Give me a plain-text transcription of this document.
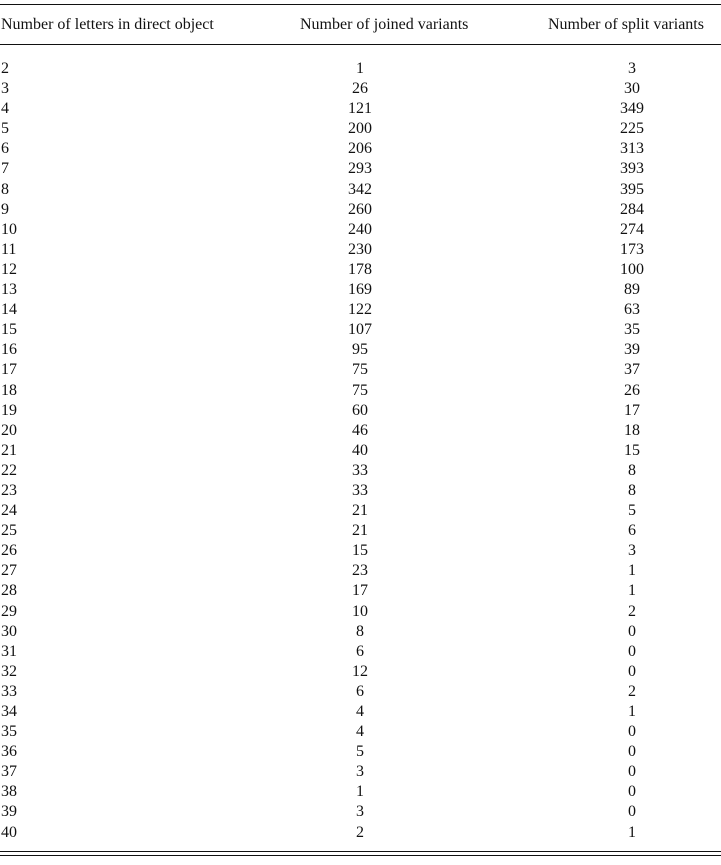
Number of letters in direct object	Number of joined variants	Number of split variants
2	1	3
3	26	30
4	121	349
5	200	225
6	206	313
7	293	393
8	342	395
9	260	284
10	240	274
11	230	173
12	178	100
13	169	89
14	122	63
15	107	35
16	95	39
17	75	37
18	75	26
19	60	17
20	46	18
21	40	15
22	33	8
23	33	8
24	21	5
25	21	6
26	15	3
27	23	1
28	17	1
29	10	2
30	8	0
31	6	0
32	12	0
33	6	2
34	4	1
35	4	0
36	5	0
37	3	0
38	1	0
39	3	0
40	2	1
